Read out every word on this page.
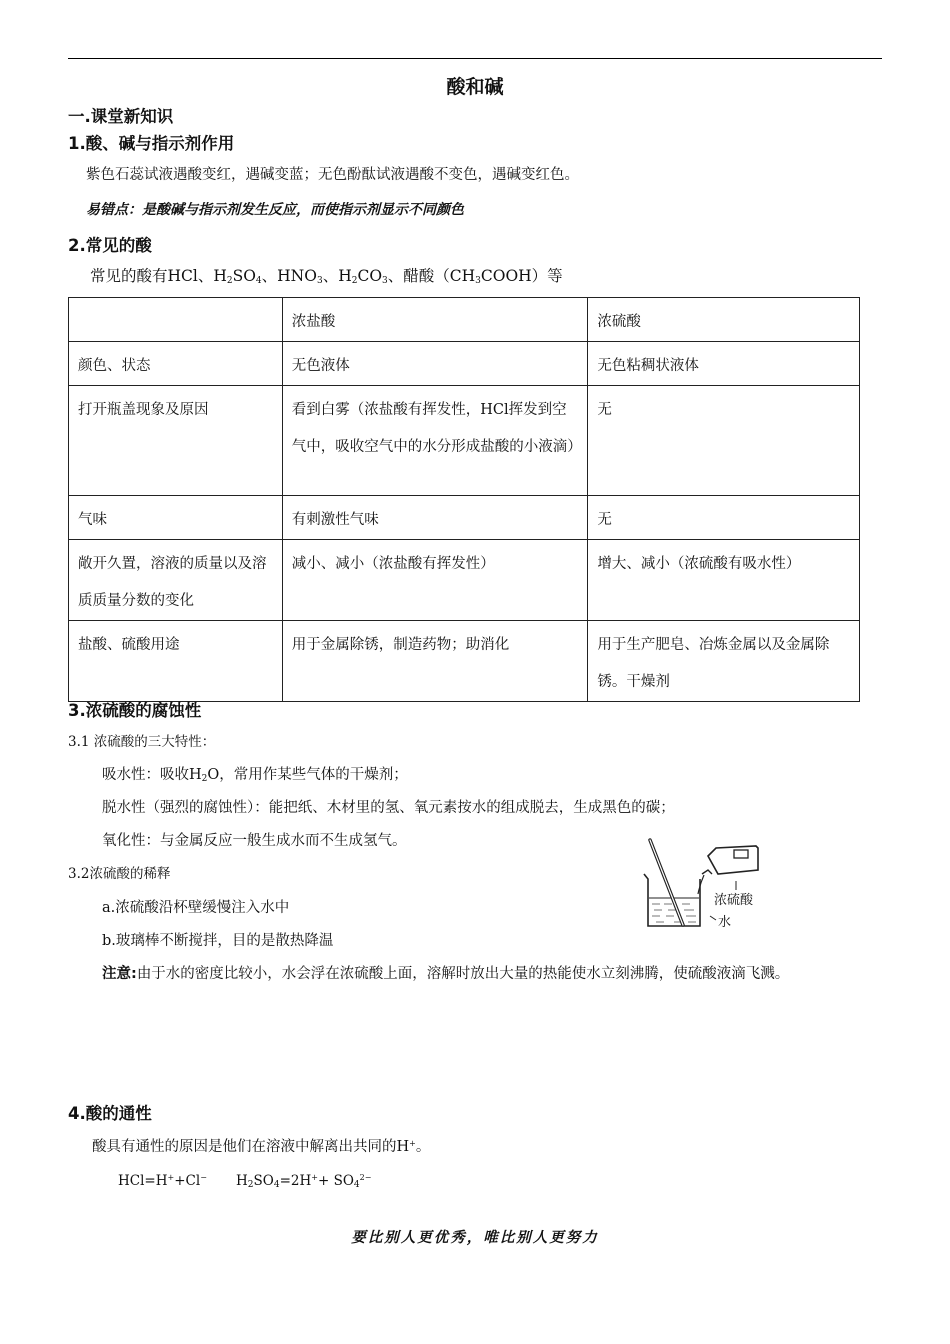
酸和碱
一.课堂新知识
1.酸、碱与指示剂作用
紫色石蕊试液遇酸变红，遇碱变蓝；无色酚酞试液遇酸不变色，遇碱变红色。
易错点：是酸碱与指示剂发生反应，而使指示剂显示不同颜色
2.常见的酸
常见的酸有HCl、$H_2SO_4$、$HNO_3$、$H_2CO_3$、醋酸$(CH_3COOH)$等
	浓盐酸	浓硫酸
颜色、状态	无色液体	无色粘稠状液体
打开瓶盖现象及原因	看到白雾（浓盐酸有挥发性，HCl挥发到空气中，吸收空气中的水分形成盐酸的小液滴）	无
气味	有刺激性气味	无
敞开久置，溶液的质量以及溶质质量分数的变化	减小、减小（浓盐酸有挥发性）	增大、减小（浓硫酸有吸水性）
盐酸、硫酸用途	用于金属除锈，制造药物；助消化	用于生产肥皂、冶炼金属以及金属除锈。干燥剂
3.浓硫酸的腐蚀性
3.1 浓硫酸的三大特性：
吸水性：吸收$H_2O$，常用作某些气体的干燥剂；
脱水性（强烈的腐蚀性）：能把纸、木材里的氢、氧元素按水的组成脱去，生成黑色的碳；
氧化性：与金属反应一般生成水而不生成氢气。
3.2浓硫酸的稀释
a.浓硫酸沿杯壁缓慢注入水中
b.玻璃棒不断搅拌，目的是散热降温
注意:由于水的密度比较小，水会浮在浓硫酸上面，溶解时放出大量的热能使水立刻沸腾，使硫酸液滴飞溅。
浓硫酸
水
4.酸的通性
酸具有通性的原因是他们在溶液中解离出共同的H+。
HCl=H++Cl− $H_2SO_4=2H^++ SO_4^{2-}$
要比别人更优秀，唯比别人更努力
